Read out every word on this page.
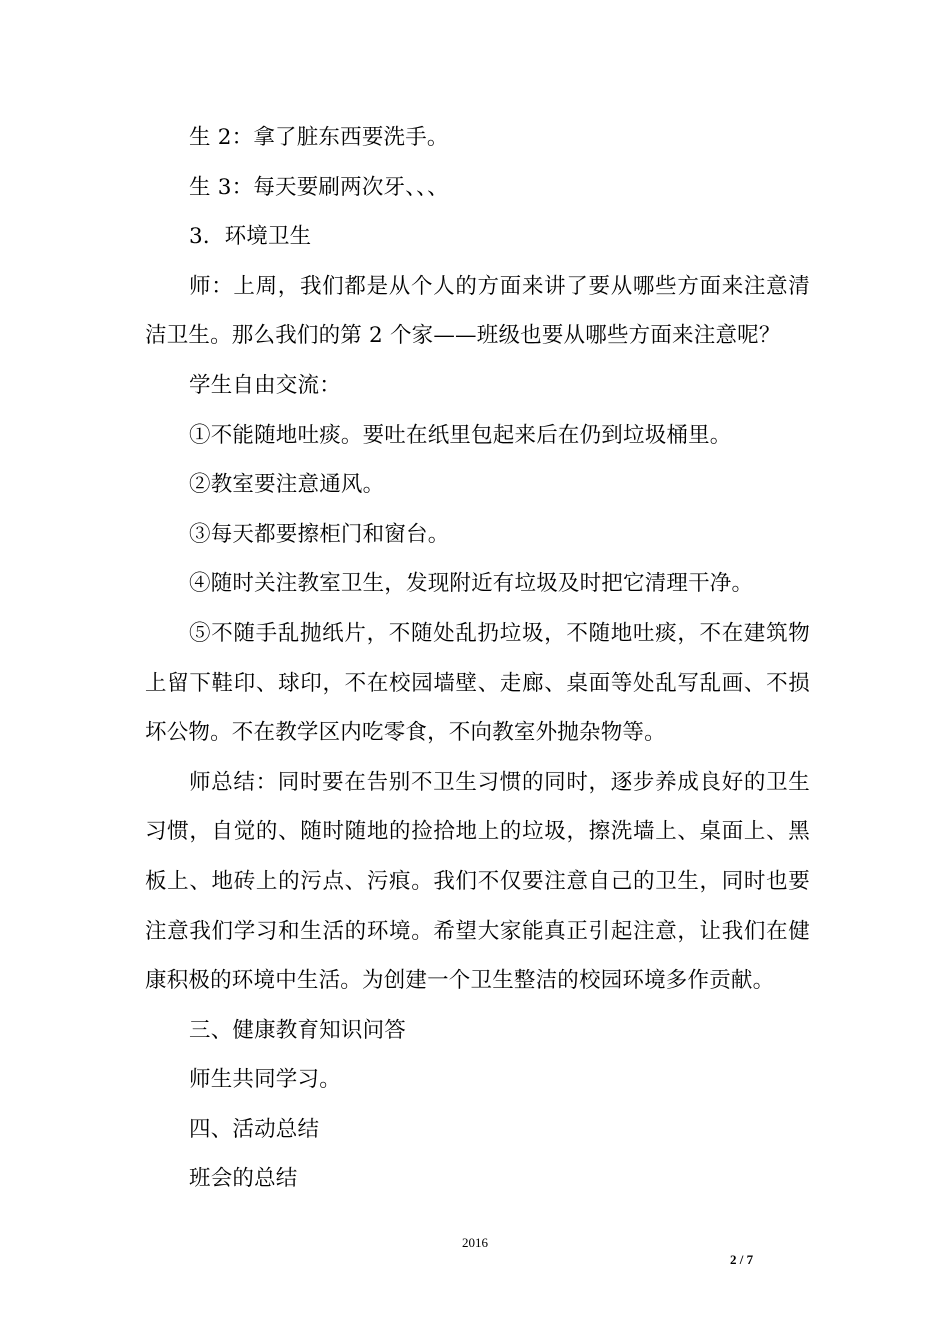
生 2：拿了脏东西要洗手。

生 3：每天要刷两次牙、、、

3．环境卫生

师：上周，我们都是从个人的方面来讲了要从哪些方面来注意清洁卫生。那么我们的第 2 个家——班级也要从哪些方面来注意呢？

学生自由交流：

①不能随地吐痰。要吐在纸里包起来后在仍到垃圾桶里。

②教室要注意通风。

③每天都要擦柜门和窗台。

④随时关注教室卫生，发现附近有垃圾及时把它清理干净。

⑤不随手乱抛纸片，不随处乱扔垃圾，不随地吐痰，不在建筑物上留下鞋印、球印，不在校园墙壁、走廊、桌面等处乱写乱画、不损坏公物。不在教学区内吃零食，不向教室外抛杂物等。

师总结：同时要在告别不卫生习惯的同时，逐步养成良好的卫生习惯，自觉的、随时随地的捡拾地上的垃圾，擦洗墙上、桌面上、黑板上、地砖上的污点、污痕。我们不仅要注意自己的卫生，同时也要注意我们学习和生活的环境。希望大家能真正引起注意，让我们在健康积极的环境中生活。为创建一个卫生整洁的校园环境多作贡献。

三、健康教育知识问答

师生共同学习。

四、活动总结

班会的总结

2016
2 / 7
